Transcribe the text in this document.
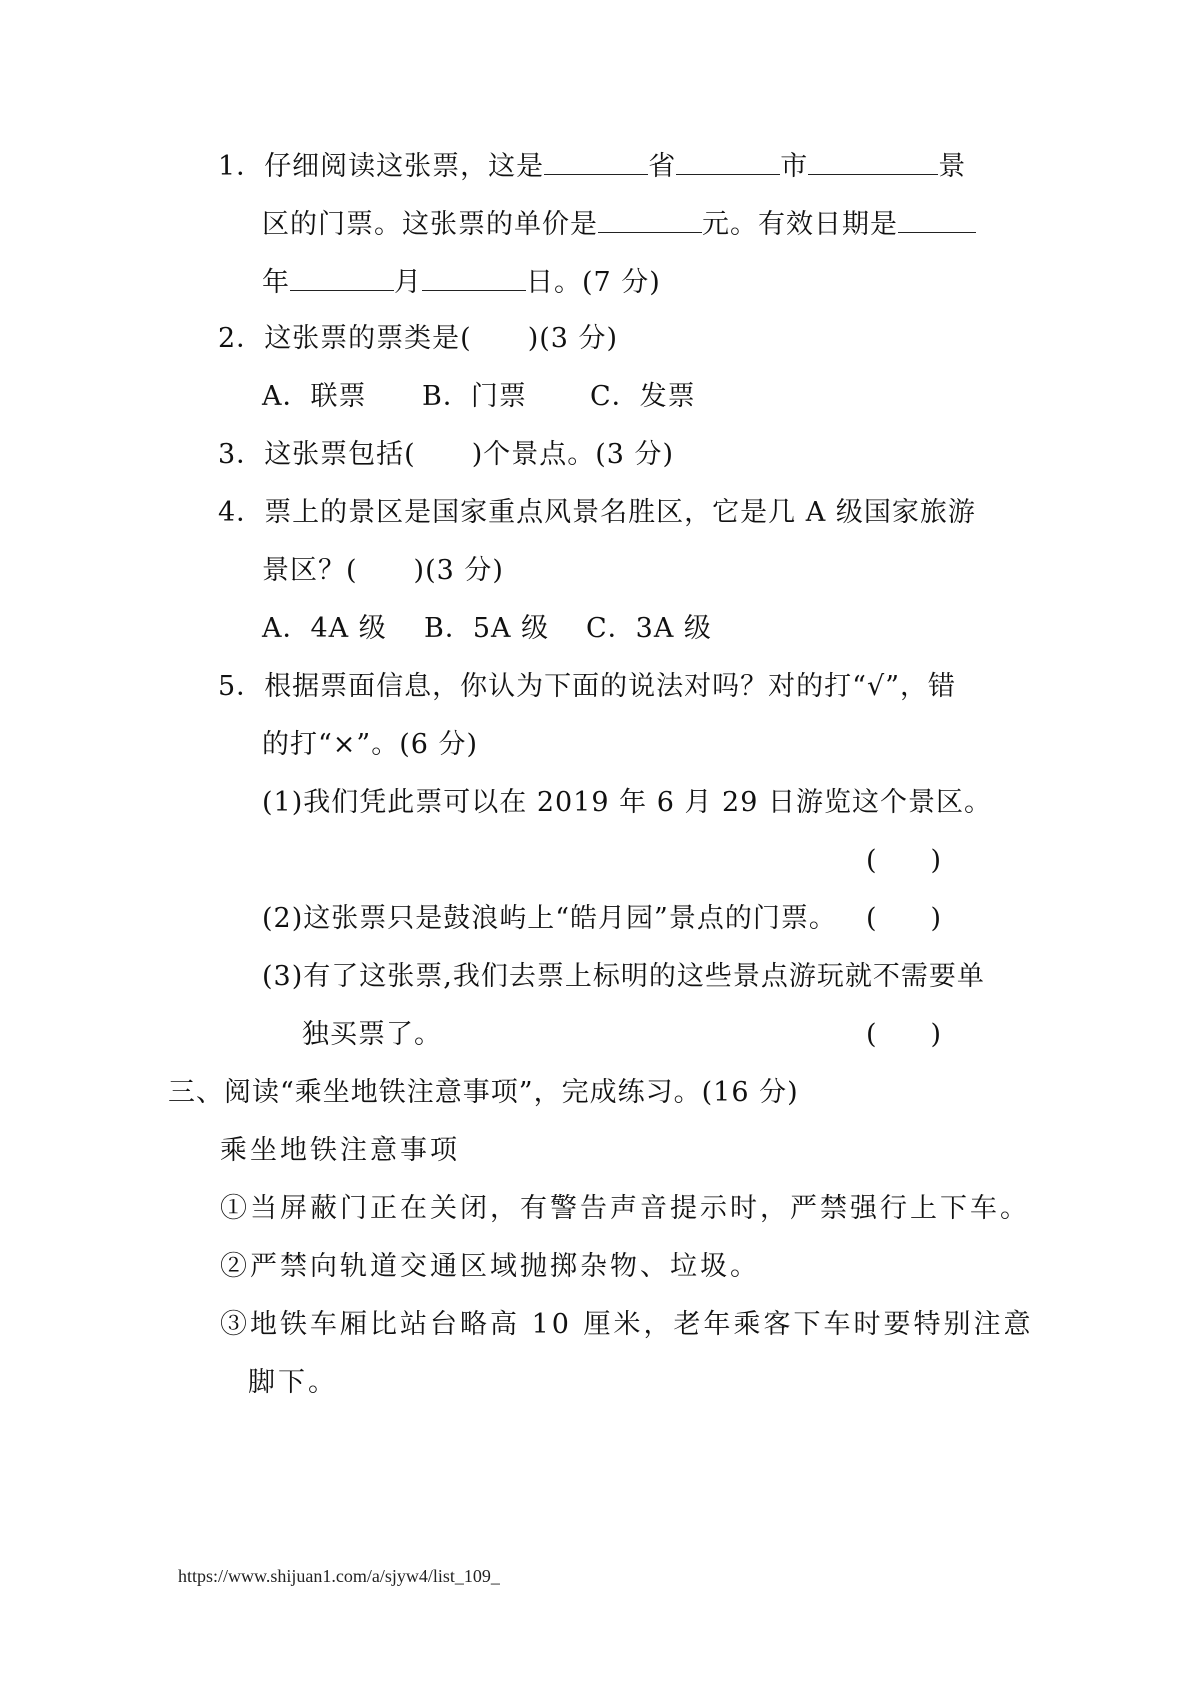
1．仔细阅读这张票，这是	省	市	景
区的门票。这张票的单价是	元。有效日期是
年	月	日。(7 分)
2．这张票的票类是(　　)(3 分)
A．联票 B．门票 C．发票
3．这张票包括(　　)个景点。(3 分)
4．票上的景区是国家重点风景名胜区，它是几 A 级国家旅游
景区？(　　)(3 分)
A．4A 级 B．5A 级 C．3A 级
5．根据票面信息，你认为下面的说法对吗？对的打“√”，错
的打“×”。(6 分)
(1)我们凭此票可以在 2019 年 6 月 29 日游览这个景区。
(　　)
(2)这张票只是鼓浪屿上“皓月园”景点的门票。 (　　)
(3)有了这张票,我们去票上标明的这些景点游玩就不需要单
独买票了。	(　　)
三、阅读“乘坐地铁注意事项”，完成练习。(16 分)
乘坐地铁注意事项
①当屏蔽门正在关闭，有警告声音提示时，严禁强行上下车。
②严禁向轨道交通区域抛掷杂物、垃圾。
③地铁车厢比站台略高 10 厘米，老年乘客下车时要特别注意
脚下。
https://www.shijuan1.com/a/sjyw4/list_109_
